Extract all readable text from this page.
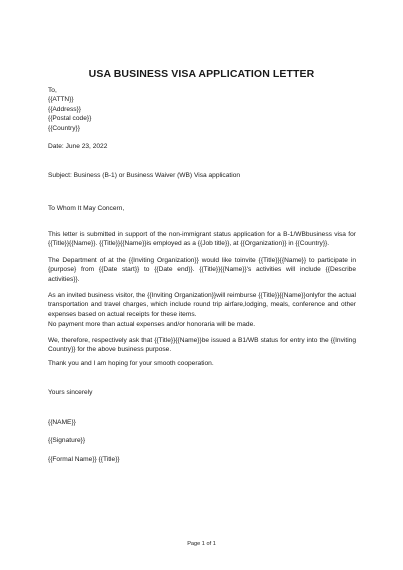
USA BUSINESS VISA APPLICATION LETTER
To,
{{ATTN}}
{{Address}}
{{Postal code}}
{{Country}}
Date: June 23, 2022
Subject: Business (B-1) or Business Waiver (WB) Visa application
To Whom It May Concern,
This letter is submitted in support of the non-immigrant status application for a B-1/WBbusiness visa for {{Title}}{{Name}}. {{Title}}{{Name}}is employed as a {{Job title}}, at {{Organization}} in {{Country}}.
The Department of at the {{Inviting Organization}} would like toinvite {{Title}}{{Name}} to participate in {purpose} from {{Date start}} to {{Date end}}. {{Title}}{{Name}}'s activities will include {{Describe activities}}.
As an invited business visitor, the {{Inviting Organization}}will reimburse {{Title}}{{Name}}onlyfor the actual transportation and travel charges, which include round trip airfare,lodging, meals, conference and other expenses based on actual receipts for these items.
No payment more than actual expenses and/or honoraria will be made.
We, therefore, respectively ask that {{Title}}{{Name}}be issued a B1/WB status for entry into the {{Inviting Country}} for the above business purpose.
Thank you and I am hoping for your smooth cooperation.
Yours sincerely
{{NAME}}
{{Signature}}
{{Formal Name}} {{Title}}
Page 1 of 1
